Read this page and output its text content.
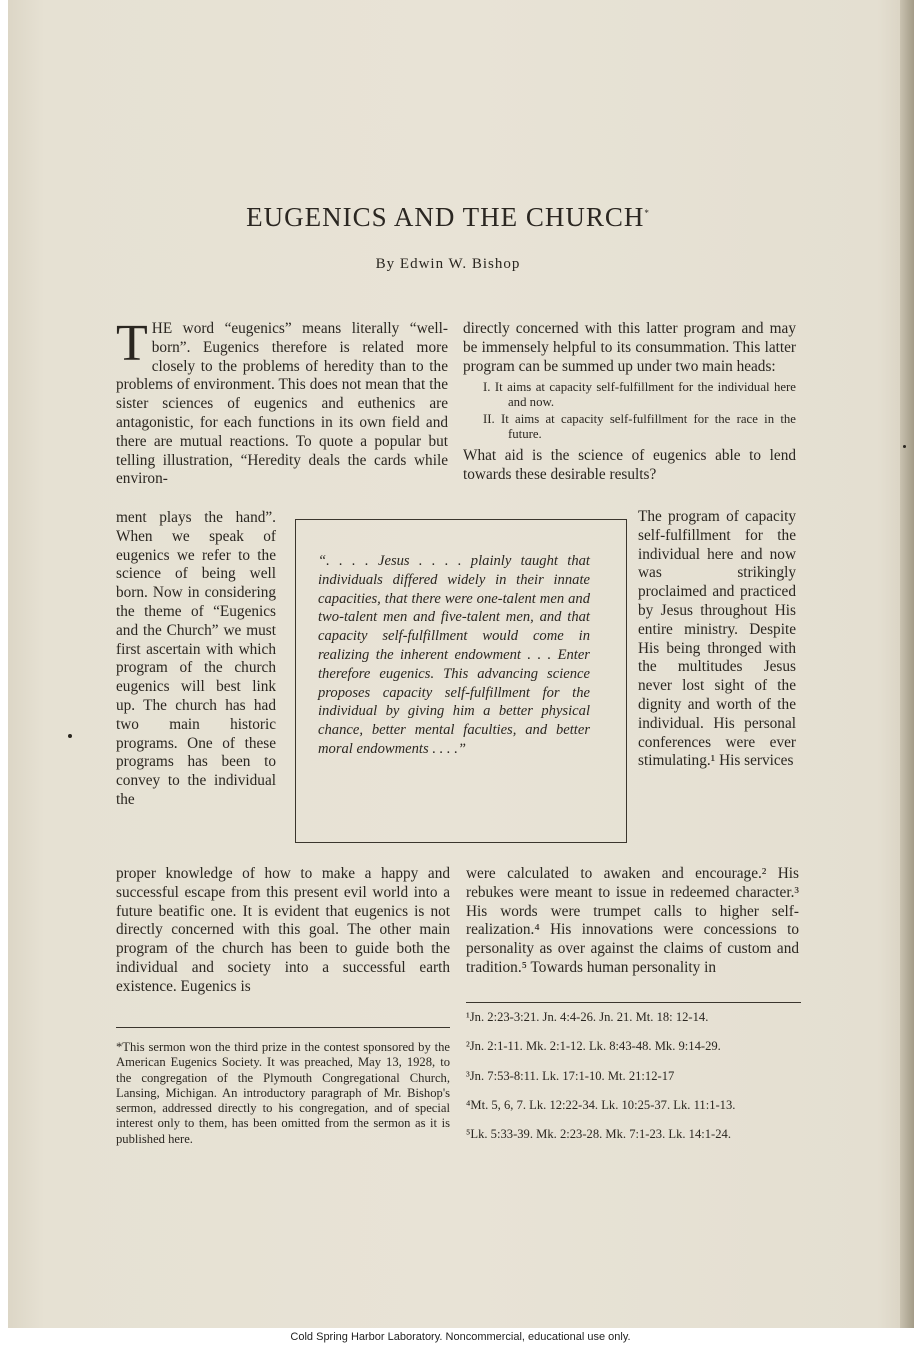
EUGENICS AND THE CHURCH*
By Edwin W. Bishop

THE word “eugenics” means literally “well-born”. Eugenics therefore is related more closely to the problems of heredity than to the problems of environment. This does not mean that the sister sciences of eugenics and euthenics are antagonistic, for each functions in its own field and there are mutual reactions. To quote a popular but telling illustration, “Heredity deals the cards while environ-

ment plays the hand”. When we speak of eugenics we refer to the science of being well born. Now in considering the theme of “Eugenics and the Church” we must first ascertain with which program of the church eugenics will best link up. The church has had two main historic programs. One of these programs has been to convey to the individual the
“. . . . Jesus . . . . plainly taught that individuals differed widely in their innate capacities, that there were one-talent men and two-talent men and five-talent men, and that capacity self-fulfillment would come in realizing the inherent endowment . . . Enter therefore eugenics. This advancing science proposes capacity self-fulfillment for the individual by giving him a better physical chance, better mental faculties, and better moral endowments . . . .”
proper knowledge of how to make a happy and successful escape from this present evil world into a future beatific one. It is evident that eugenics is not directly concerned with this goal. The other main program of the church has been to guide both the individual and society into a successful earth existence. Eugenics is

directly concerned with this latter program and may be immensely helpful to its consummation. This latter program can be summed up under two main heads:

I. It aims at capacity self-fulfillment for the individual here and now.
II. It aims at capacity self-fulfillment for the race in the future.

What aid is the science of eugenics able to lend towards these desirable results?

The program of capacity self-fulfillment for the individual here and now was strikingly proclaimed and practiced by Jesus throughout His entire ministry. Despite His being thronged with the multitudes Jesus never lost sight of the dignity and worth of the individual. His personal conferences were ever stimulating.¹ His services
were calculated to awaken and encourage.² His rebukes were meant to issue in redeemed character.³ His words were trumpet calls to higher self-realization.⁴ His innovations were concessions to personality as over against the claims of custom and tradition.⁵ Towards human personality in
*This sermon won the third prize in the contest sponsored by the American Eugenics Society. It was preached, May 13, 1928, to the congregation of the Plymouth Congregational Church, Lansing, Michigan. An introductory paragraph of Mr. Bishop's sermon, addressed directly to his congregation, and of special interest only to them, has been omitted from the sermon as it is published here.
¹Jn. 2:23-3:21. Jn. 4:4-26. Jn. 21. Mt. 18: 12-14.
²Jn. 2:1-11. Mk. 2:1-12. Lk. 8:43-48. Mk. 9:14-29.
³Jn. 7:53-8:11. Lk. 17:1-10. Mt. 21:12-17
⁴Mt. 5, 6, 7. Lk. 12:22-34. Lk. 10:25-37. Lk. 11:1-13.
⁵Lk. 5:33-39. Mk. 2:23-28. Mk. 7:1-23. Lk. 14:1-24.
Cold Spring Harbor Laboratory. Noncommercial, educational use only.
